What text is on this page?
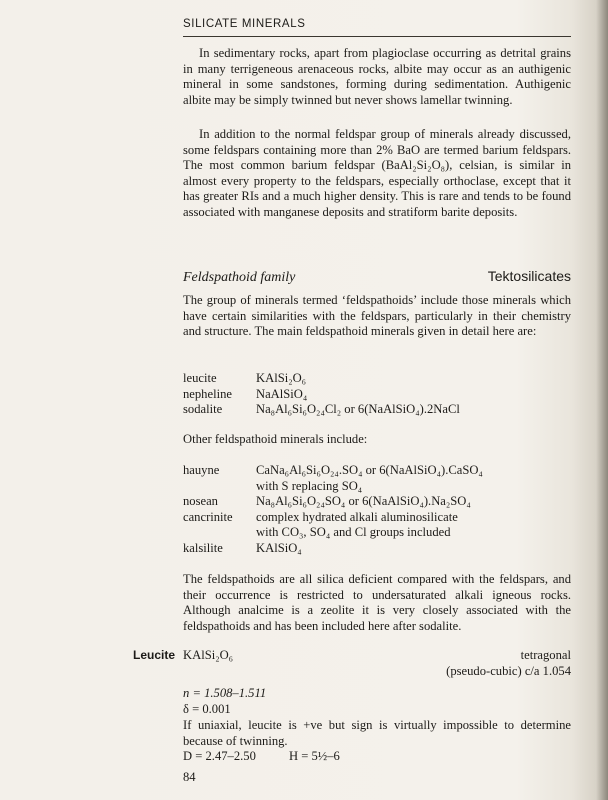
SILICATE MINERALS

In sedimentary rocks, apart from plagioclase occurring as detrital grains in many terrigeneous arenaceous rocks, albite may occur as an authigenic mineral in some sandstones, forming during sedimentation. Authigenic albite may be simply twinned but never shows lamellar twinning.

In addition to the normal feldspar group of minerals already discussed, some feldspars containing more than 2% BaO are termed barium feldspars. The most common barium feldspar (BaAl₂Si₂O₈), celsian, is similar in almost every property to the feldspars, especially orthoclase, except that it has greater RIs and a much higher density. This is rare and tends to be found associated with manganese deposits and stratiform barite deposits.

Feldspathoid family	Tektosilicates

The group of minerals termed ‘feldspathoids’ include those minerals which have certain similarities with the feldspars, particularly in their chemistry and structure. The main feldspathoid minerals given in detail here are:

leucite	KAlSi₂O₆
nepheline	NaAlSiO₄
sodalite	Na₈Al₆Si₆O₂₄Cl₂ or 6(NaAlSiO₄).2NaCl
Other feldspathoid minerals include:
hauyne	CaNa₆Al₆Si₆O₂₄.SO₄ or 6(NaAlSiO₄).CaSO₄
with S replacing SO₄
nosean	Na₈Al₆Si₆O₂₄SO₄ or 6(NaAlSiO₄).Na₂SO₄
cancrinite	complex hydrated alkali aluminosilicate
with CO₃, SO₄ and Cl groups included
kalsilite	KAlSiO₄

The feldspathoids are all silica deficient compared with the feldspars, and their occurrence is restricted to undersaturated alkali igneous rocks. Although analcime is a zeolite it is very closely associated with the feldspathoids and has been included here after sodalite.

Leucite KAlSi₂O₆	tetragonal
(pseudo-cubic) c/a 1.054
n = 1.508–1.511
δ = 0.001

If uniaxial, leucite is +ve but sign is virtually impossible to determine because of twinning.

D = 2.47–2.50	H = 5½–6
84
